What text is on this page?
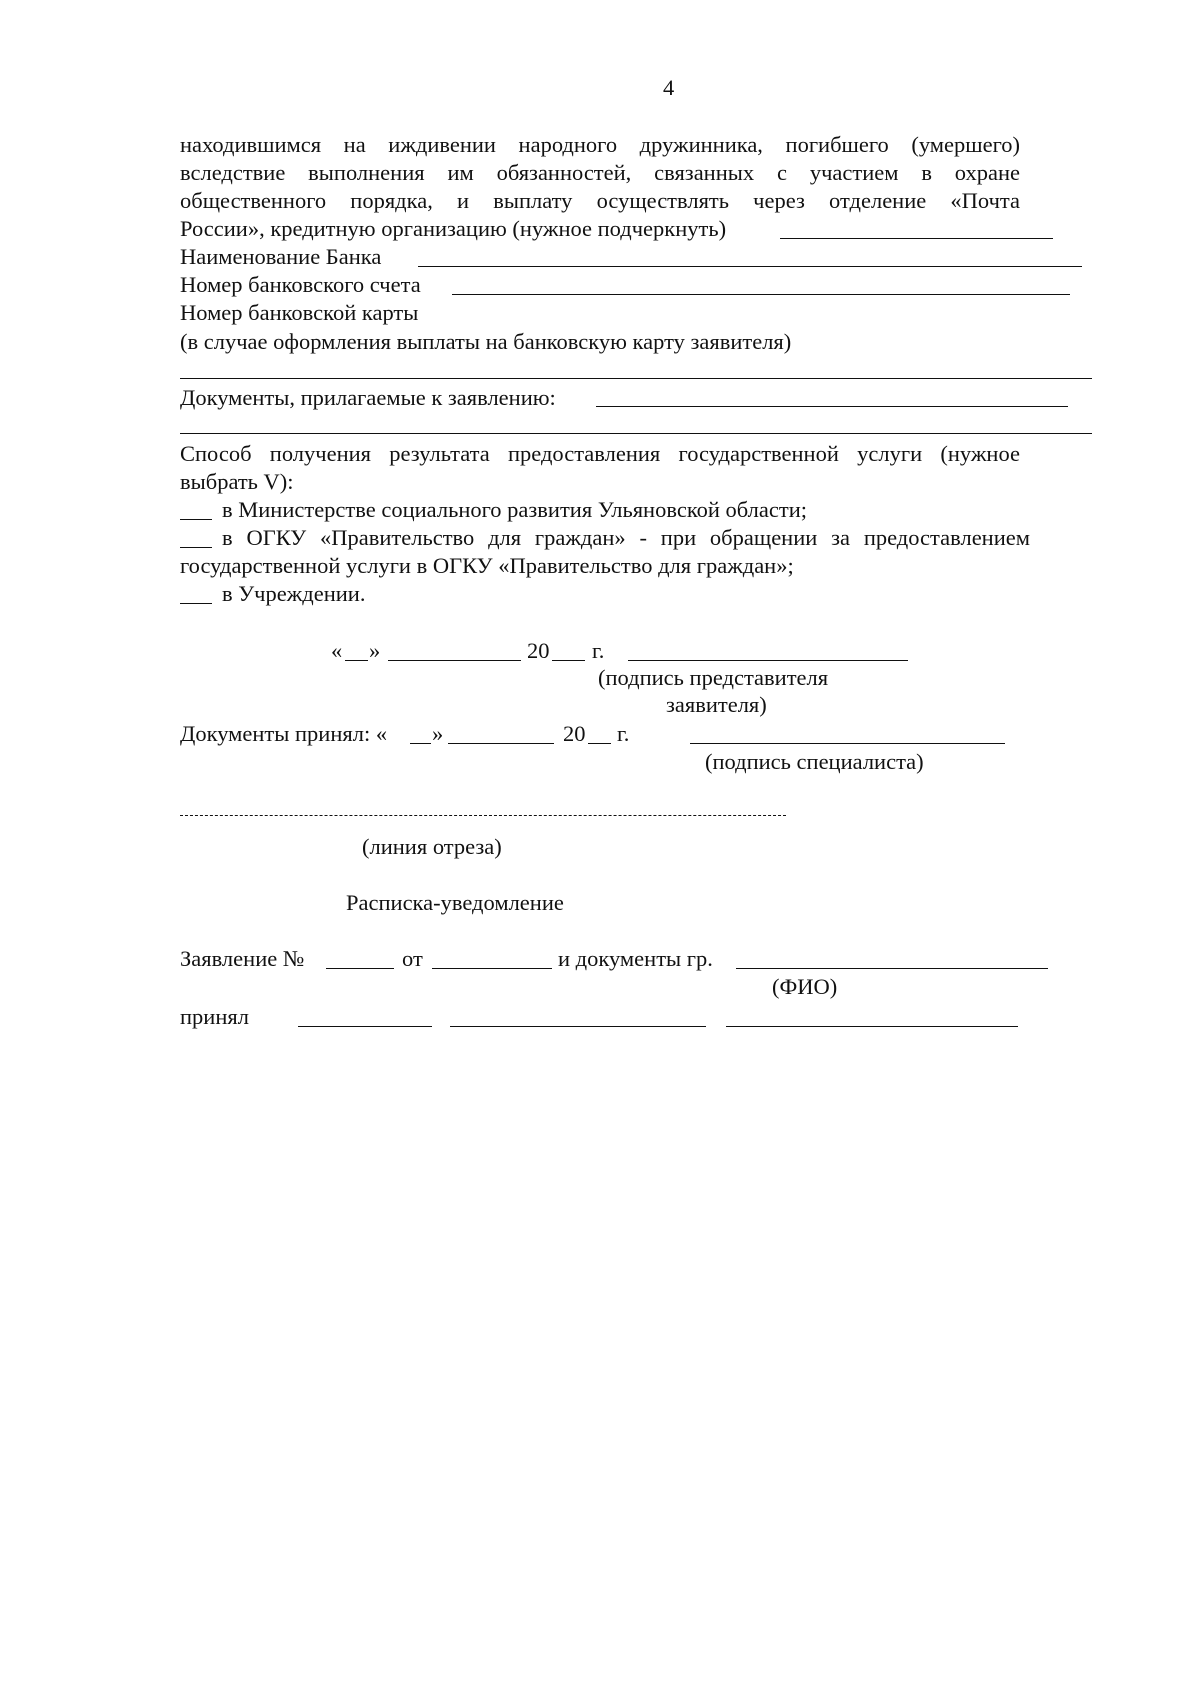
4
находившимся на иждивении народного дружинника, погибшего (умершего)
вследствие выполнения им обязанностей, связанных с участием в охране
общественного порядка, и выплату осуществлять через отделение «Почта
России», кредитную организацию (нужное подчеркнуть)
Наименование Банка
Номер банковского счета
Номер банковской карты
(в случае оформления выплаты на банковскую карту заявителя)
Документы, прилагаемые к заявлению:
Способ получения результата предоставления государственной услуги (нужное
выбрать V):
в Министерстве социального развития Ульяновской области;
в ОГКУ «Правительство для граждан» - при обращении за предоставлением
государственной услуги в ОГКУ «Правительство для граждан»;
в Учреждении.
« »	20 г.
(подпись представителя
заявителя)
Документы принял: « »	20 г.
(подпись специалиста)
(линия отреза)
Расписка-уведомление
Заявление №	от	и документы гр.
(ФИО)
принял
